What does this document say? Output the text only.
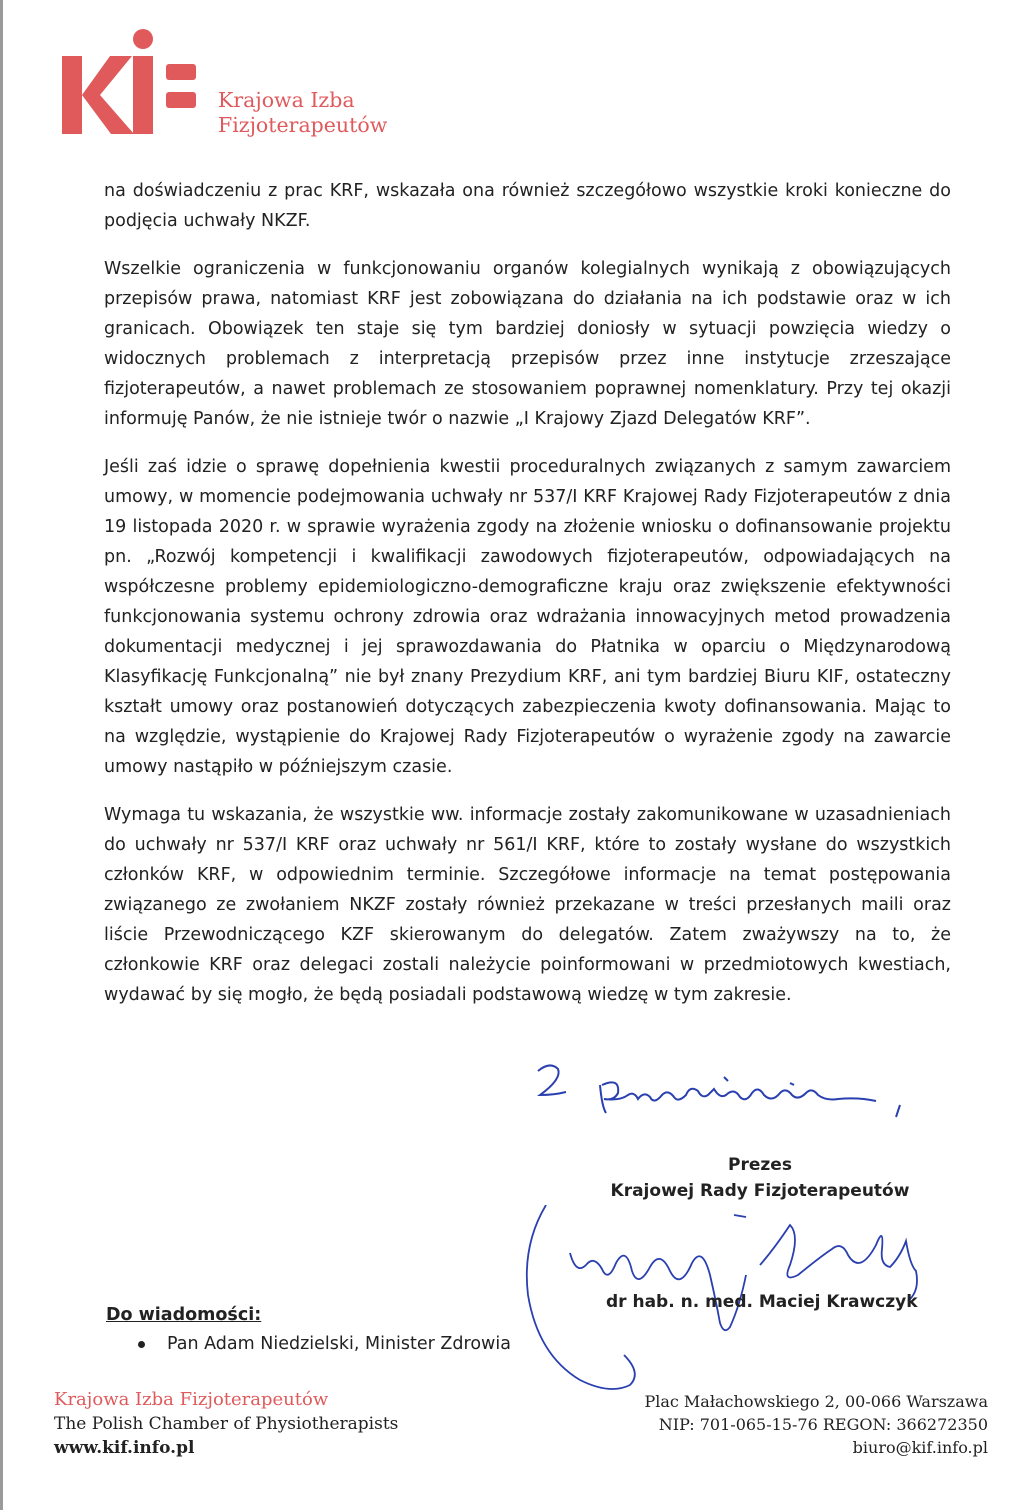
Krajowa Izba
Fizjoterapeutów

na doświadczeniu z prac KRF, wskazała ona również szczegółowo wszystkie kroki konieczne do podjęcia uchwały NKZF.

Wszelkie ograniczenia w funkcjonowaniu organów kolegialnych wynikają z obowiązujących przepisów prawa, natomiast KRF jest zobowiązana do działania na ich podstawie oraz w ich granicach. Obowiązek ten staje się tym bardziej doniosły w sytuacji powzięcia wiedzy o widocznych problemach z interpretacją przepisów przez inne instytucje zrzeszające fizjoterapeutów, a nawet problemach ze stosowaniem poprawnej nomenklatury. Przy tej okazji informuję Panów, że nie istnieje twór o nazwie „I Krajowy Zjazd Delegatów KRF”.

Jeśli zaś idzie o sprawę dopełnienia kwestii proceduralnych związanych z samym zawarciem umowy, w momencie podejmowania uchwały nr 537/I KRF Krajowej Rady Fizjoterapeutów z dnia 19 listopada 2020 r. w sprawie wyrażenia zgody na złożenie wniosku o dofinansowanie projektu pn. „Rozwój kompetencji i kwalifikacji zawodowych fizjoterapeutów, odpowiadających na współczesne problemy epidemiologiczno-demograficzne kraju oraz zwiększenie efektywności funkcjonowania systemu ochrony zdrowia oraz wdrażania innowacyjnych metod prowadzenia dokumentacji medycznej i jej sprawozdawania do Płatnika w oparciu o Międzynarodową Klasyfikację Funkcjonalną” nie był znany Prezydium KRF, ani tym bardziej Biuru KIF, ostateczny kształt umowy oraz postanowień dotyczących zabezpieczenia kwoty dofinansowania. Mając to na względzie, wystąpienie do Krajowej Rady Fizjoterapeutów o wyrażenie zgody na zawarcie umowy nastąpiło w późniejszym czasie.

Wymaga tu wskazania, że wszystkie ww. informacje zostały zakomunikowane w uzasadnieniach do uchwały nr 537/I KRF oraz uchwały nr 561/I KRF, które to zostały wysłane do wszystkich członków KRF, w odpowiednim terminie. Szczegółowe informacje na temat postępowania związanego ze zwołaniem NKZF zostały również przekazane w treści przesłanych maili oraz liście Przewodniczącego KZF skierowanym do delegatów. Zatem zważywszy na to, że członkowie KRF oraz delegaci zostali należycie poinformowani w przedmiotowych kwestiach, wydawać by się mogło, że będą posiadali podstawową wiedzę w tym zakresie.

Prezes
Krajowej Rady Fizjoterapeutów
dr hab. n. med. Maciej Krawczyk
Do wiadomości:
Pan Adam Niedzielski, Minister Zdrowia
Krajowa Izba Fizjoterapeutów
The Polish Chamber of Physiotherapists
www.kif.info.pl
Plac Małachowskiego 2, 00-066 Warszawa
NIP: 701-065-15-76 REGON: 366272350
biuro@kif.info.pl
